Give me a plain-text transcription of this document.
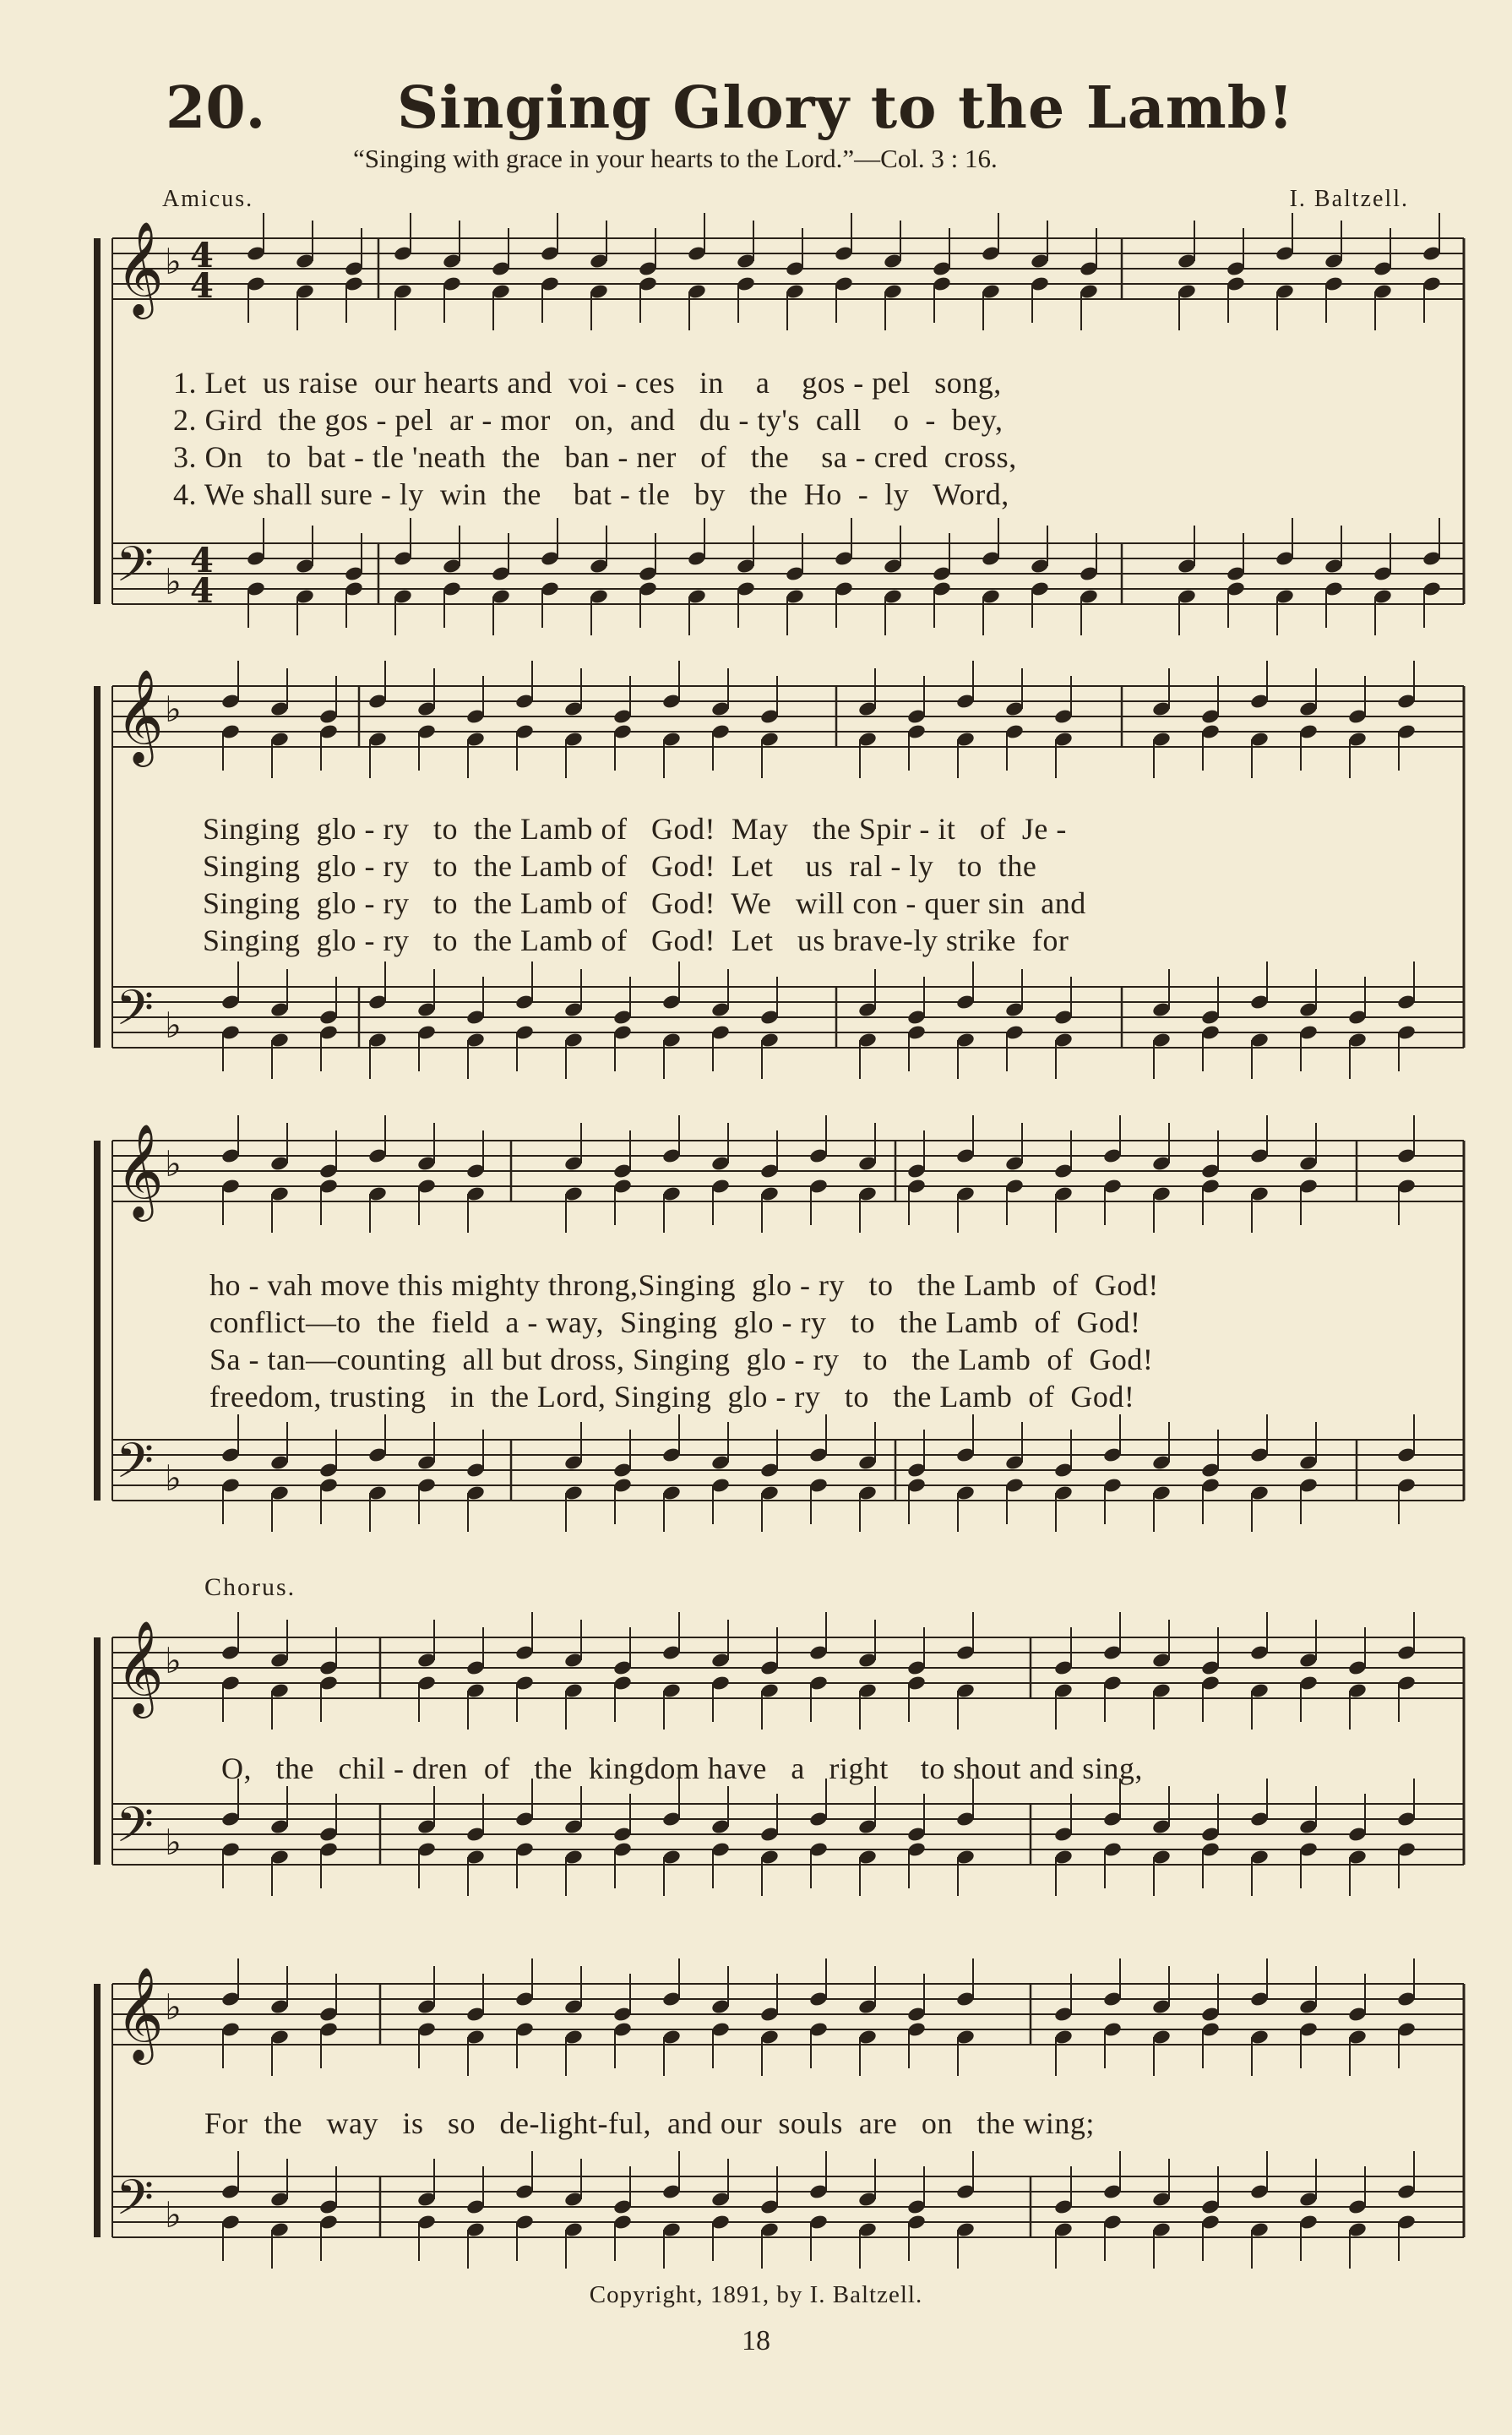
20. Singing Glory to the Lamb!
“Singing with grace in your hearts to the Lord.”—Col. 3 : 16.
Amicus.	I. Baltzell.
𝄞 ♭ 4
4
𝄢 ♭
4
4
𝄞 ♭
𝄢 ♭
𝄞 ♭
𝄢 ♭
𝄞 ♭
𝄢 ♭
𝄞 ♭
𝄢 ♭
1. Let  us raise  our hearts and  voi - ces   in    a    gos - pel   song,
2. Gird  the gos - pel  ar - mor   on,  and   du - ty's  call    o  -  bey,
3. On   to  bat - tle 'neath  the   ban - ner   of   the    sa - cred  cross,
4. We shall sure - ly  win  the    bat - tle   by   the  Ho  -  ly   Word,
Singing  glo - ry   to  the Lamb of   God!  May   the Spir - it   of  Je -
Singing  glo - ry   to  the Lamb of   God!  Let    us  ral - ly   to  the
Singing  glo - ry   to  the Lamb of   God!  We   will con - quer sin  and
Singing  glo - ry   to  the Lamb of   God!  Let   us brave-ly strike  for
ho - vah move this mighty throng,Singing  glo - ry   to   the Lamb  of  God!
conflict—to  the  field  a - way,  Singing  glo - ry   to   the Lamb  of  God!
Sa - tan—counting  all but dross, Singing  glo - ry   to   the Lamb  of  God!
freedom, trusting   in  the Lord, Singing  glo - ry   to   the Lamb  of  God!
Chorus.
O,   the   chil - dren  of   the  kingdom have   a   right    to shout and sing,
For  the   way   is   so   de-light-ful,  and our  souls  are   on   the wing;
Copyright, 1891, by I. Baltzell.
18
